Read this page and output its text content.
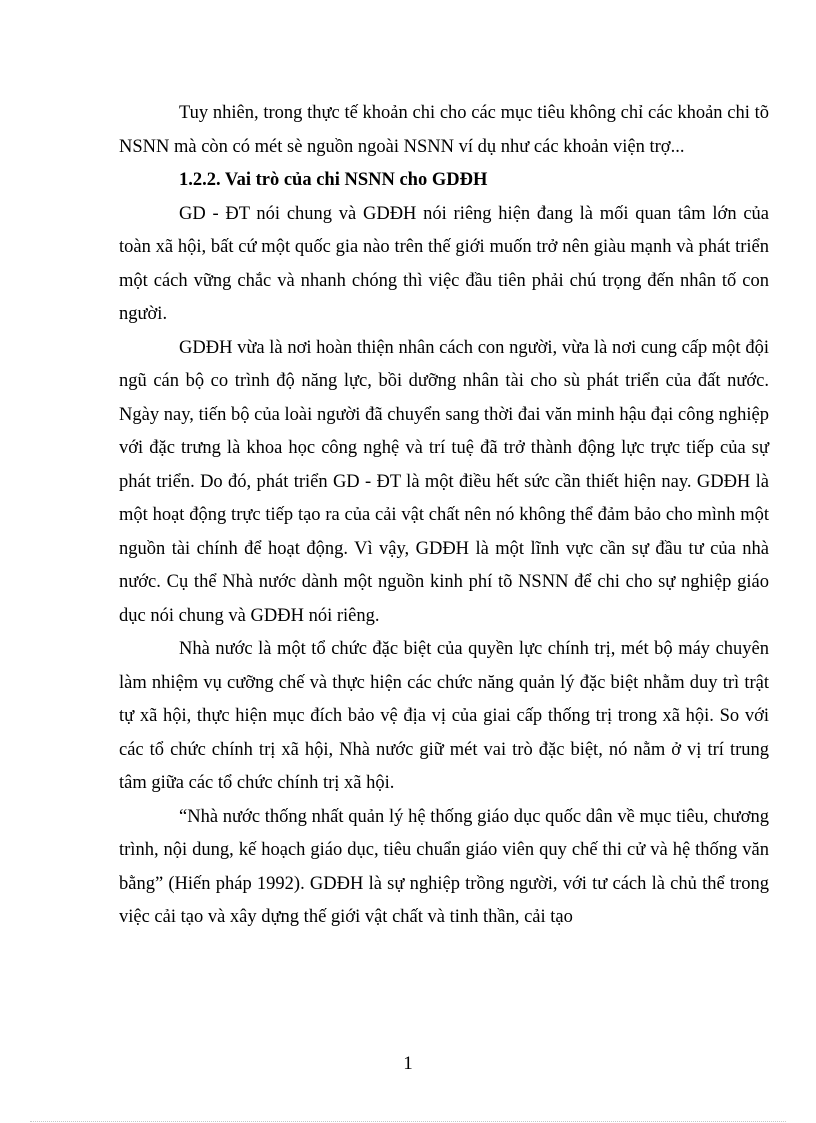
Tuy nhiên, trong thực tế khoản chi cho các mục tiêu không chỉ các khoản chi tõ NSNN mà còn có mét sè nguồn ngoài NSNN ví dụ như các khoản viện trợ...

1.2.2. Vai trò của chi NSNN cho GDĐH

GD - ĐT nói chung và GDĐH nói riêng hiện đang là mối quan tâm lớn của toàn xã hội, bất cứ một quốc gia nào trên thế giới muốn trở nên giàu mạnh và phát triển một cách vững chắc và nhanh chóng thì việc đầu tiên phải chú trọng đến nhân tố con người.

GDĐH vừa là nơi hoàn thiện nhân cách con người, vừa là nơi cung cấp một đội ngũ cán bộ co trình độ năng lực, bồi dưỡng nhân tài cho sù phát triển của đất nước. Ngày nay, tiến bộ của loài người đã chuyển sang thời đai văn minh hậu đại công nghiệp với đặc trưng là khoa học công nghệ và trí tuệ đã trở thành động lực trực tiếp của sự phát triển. Do đó, phát triển GD - ĐT là một điều hết sức cần thiết hiện nay. GDĐH là một hoạt động trực tiếp tạo ra của cải vật chất nên nó không thể đảm bảo cho mình một nguồn tài chính để hoạt động. Vì vậy, GDĐH là một lĩnh vực cần sự đầu tư của nhà nước. Cụ thể Nhà nước dành một nguồn kinh phí tõ NSNN để chi cho sự nghiệp giáo dục nói chung và GDĐH nói riêng.

Nhà nước là một tổ chức đặc biệt của quyền lực chính trị, mét bộ máy chuyên làm nhiệm vụ cưỡng chế và thực hiện các chức năng quản lý đặc biệt nhằm duy trì trật tự xã hội, thực hiện mục đích bảo vệ địa vị của giai cấp thống trị trong xã hội. So với các tổ chức chính trị xã hội, Nhà nước giữ mét vai trò đặc biệt, nó nằm ở vị trí trung tâm giữa các tổ chức chính trị xã hội.

“Nhà nước thống nhất quản lý hệ thống giáo dục quốc dân về mục tiêu, chương trình, nội dung, kế hoạch giáo dục, tiêu chuẩn giáo viên quy chế thi cử và hệ thống văn bằng” (Hiến pháp 1992). GDĐH là sự nghiệp trồng người, với tư cách là chủ thể trong việc cải tạo và xây dựng thế giới vật chất và tinh thần, cải tạo

1
